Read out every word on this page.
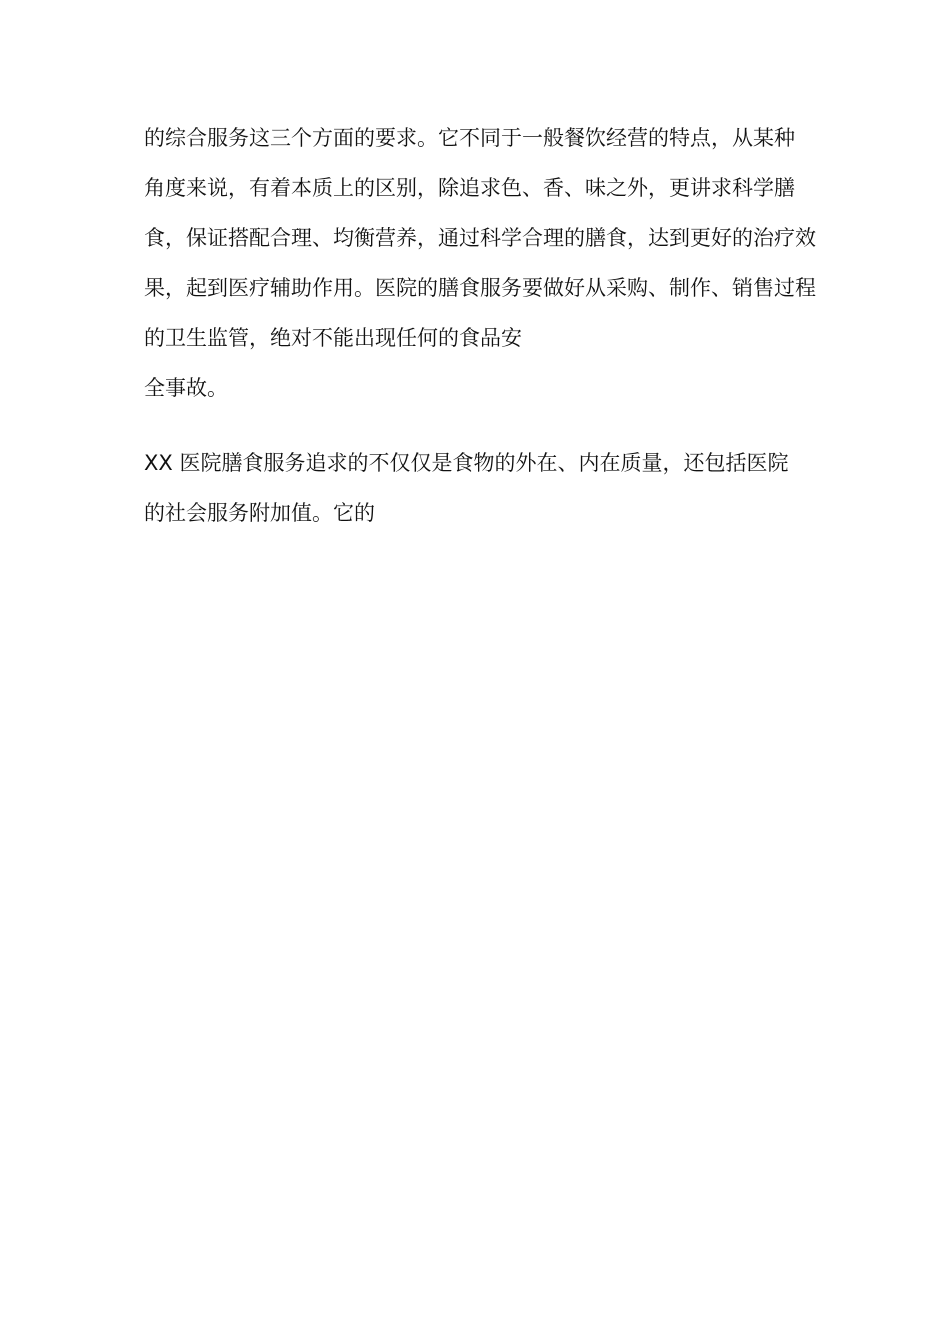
的综合服务这三个方面的要求。它不同于一般餐饮经营的特点，从某种
角度来说，有着本质上的区别，除追求色、香、味之外，更讲求科学膳
食，保证搭配合理、均衡营养，通过科学合理的膳食，达到更好的治疗效
果，起到医疗辅助作用。医院的膳食服务要做好从采购、制作、销售过程
的卫生监管，绝对不能出现任何的食品安
全事故。
XX 医院膳食服务追求的不仅仅是食物的外在、内在质量，还包括医院
的社会服务附加值。它的
